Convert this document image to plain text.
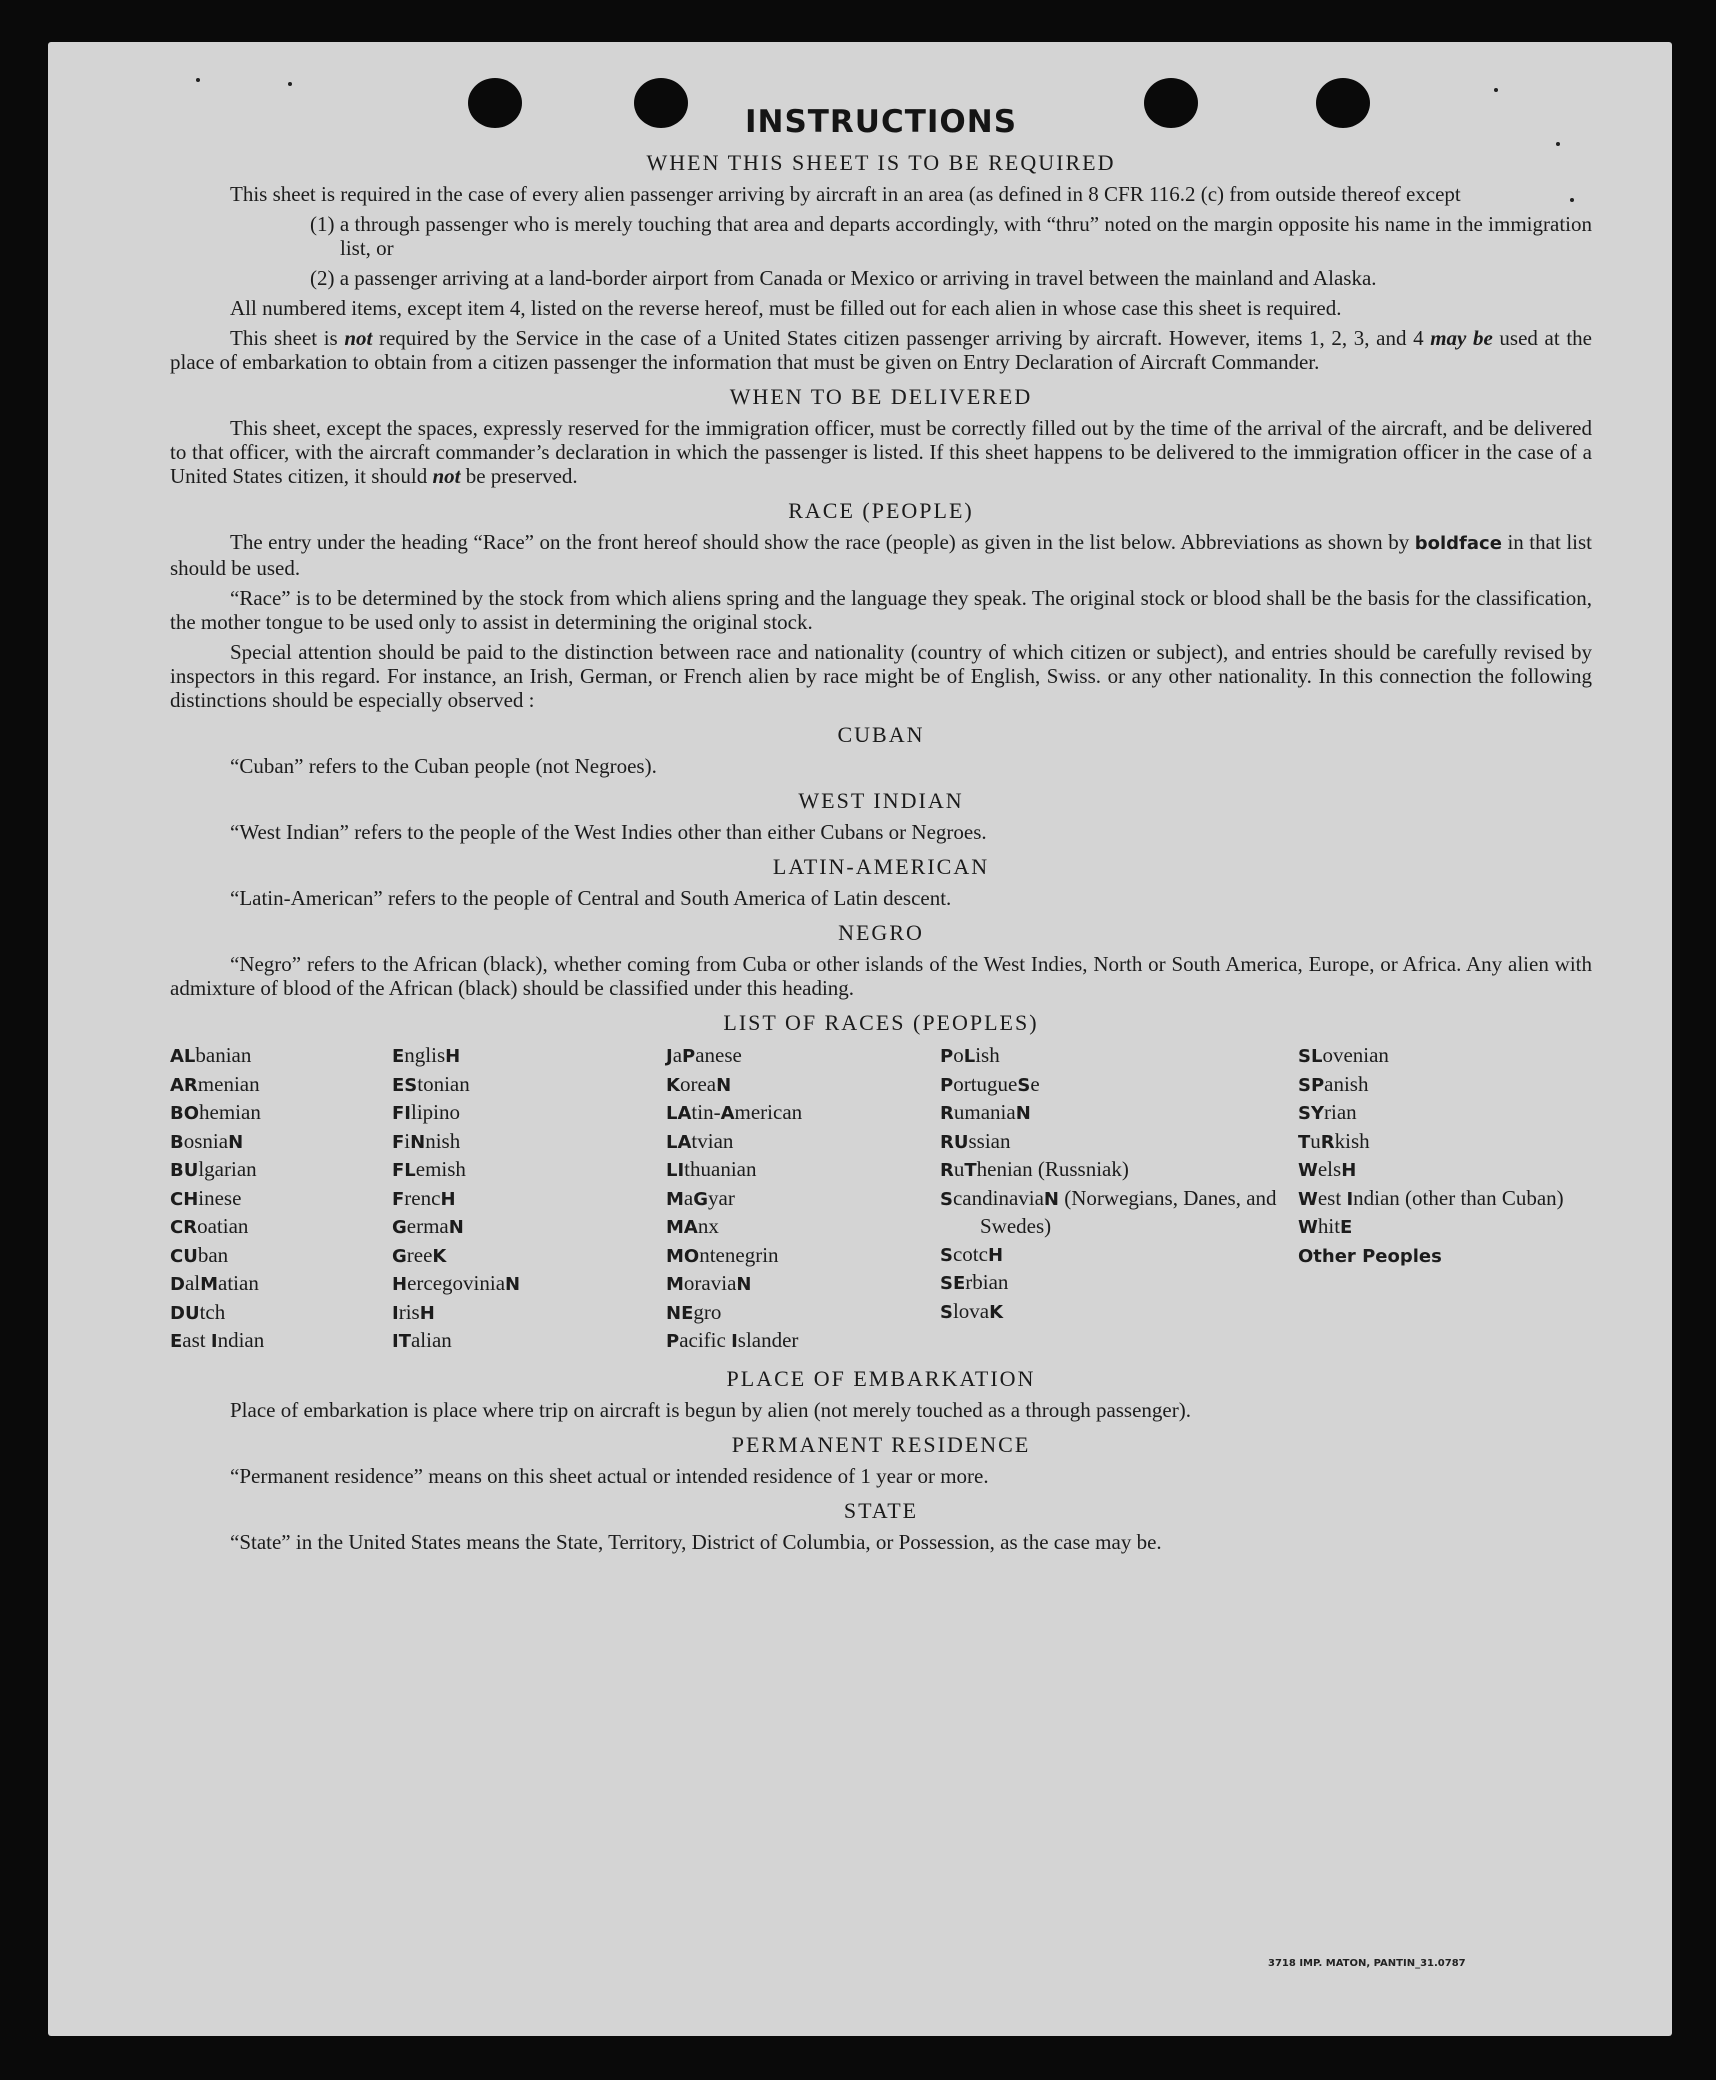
INSTRUCTIONS
WHEN THIS SHEET IS TO BE REQUIRED

This sheet is required in the case of every alien passenger arriving by aircraft in an area (as defined in 8 CFR 116.2 (c) from outside thereof except

(1) a through passenger who is merely touching that area and departs accordingly, with “thru” noted on the margin opposite his name in the immigration list, or

(2) a passenger arriving at a land-border airport from Canada or Mexico or arriving in travel between the mainland and Alaska.

All numbered items, except item 4, listed on the reverse hereof, must be filled out for each alien in whose case this sheet is required.

This sheet is not required by the Service in the case of a United States citizen passenger arriving by aircraft. However, items 1, 2, 3, and 4 may be used at the place of embarkation to obtain from a citizen passenger the information that must be given on Entry Declaration of Aircraft Commander.

WHEN TO BE DELIVERED

This sheet, except the spaces, expressly reserved for the immigration officer, must be correctly filled out by the time of the arrival of the aircraft, and be delivered to that officer, with the aircraft commander’s declaration in which the passenger is listed. If this sheet happens to be delivered to the immigration officer in the case of a United States citizen, it should not be preserved.

RACE (PEOPLE)

The entry under the heading “Race” on the front hereof should show the race (people) as given in the list below. Abbreviations as shown by boldface in that list should be used.

“Race” is to be determined by the stock from which aliens spring and the language they speak. The original stock or blood shall be the basis for the classification, the mother tongue to be used only to assist in determining the original stock.

Special attention should be paid to the distinction between race and nationality (country of which citizen or subject), and entries should be carefully revised by inspectors in this regard. For instance, an Irish, German, or French alien by race might be of English, Swiss. or any other nationality. In this connection the following distinctions should be especially observed :

CUBAN

“Cuban” refers to the Cuban people (not Negroes).

WEST INDIAN

“West Indian” refers to the people of the West Indies other than either Cubans or Negroes.

LATIN-AMERICAN

“Latin-American” refers to the people of Central and South America of Latin descent.

NEGRO

“Negro” refers to the African (black), whether coming from Cuba or other islands of the West Indies, North or South America, Europe, or Africa. Any alien with admixture of blood of the African (black) should be classified under this heading.

LIST OF RACES (PEOPLES)
ALbanian
ARmenian
BOhemian
BosniaN
BUlgarian
CHinese
CRoatian
CUban
DalMatian
DUtch
East Indian
EnglisH
EStonian
FIlipino
FiNnish
FLemish
FrencH
GermaN
GreeK
HercegoviniaN
IrisH
ITalian
JaPanese
KoreaN
LAtin-American
LAtvian
LIthuanian
MaGyar
MAnx
MOntenegrin
MoraviaN
NEgro
Pacific Islander
PoLish
PortugueSe
RumaniaN
RUssian
RuThenian (Russniak)
ScandinaviaN (Norwegians, Danes, and Swedes)
ScotcH
SErbian
SlovaK
SLovenian
SPanish
SYrian
TuRkish
WelsH
West Indian (other than Cuban)
WhitE
Other Peoples
PLACE OF EMBARKATION

Place of embarkation is place where trip on aircraft is begun by alien (not merely touched as a through passenger).

PERMANENT RESIDENCE

“Permanent residence” means on this sheet actual or intended residence of 1 year or more.

STATE

“State” in the United States means the State, Territory, District of Columbia, or Possession, as the case may be.

3718 IMP. MATON, PANTIN_31.0787
